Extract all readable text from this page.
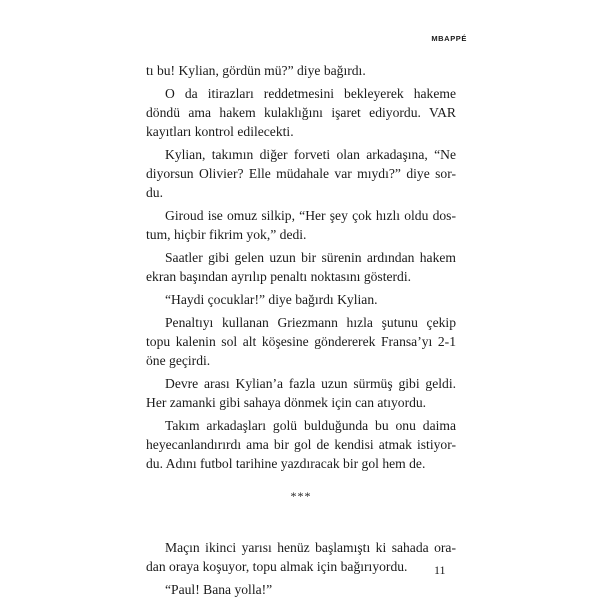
MBAPPÉ
tı bu! Kylian, gördün mü?” diye bağırdı.
O da itirazları reddetmesini bekleyerek hakeme
döndü ama hakem kulaklığını işaret ediyordu. VAR
kayıtları kontrol edilecekti.
Kylian, takımın diğer forveti olan arkadaşına, “Ne
diyorsun Olivier? Elle müdahale var mıydı?” diye sor-
du.
Giroud ise omuz silkip, “Her şey çok hızlı oldu dos-
tum, hiçbir fikrim yok,” dedi.
Saatler gibi gelen uzun bir sürenin ardından hakem
ekran başından ayrılıp penaltı noktasını gösterdi.
“Haydi çocuklar!” diye bağırdı Kylian.
Penaltıyı kullanan Griezmann hızla şutunu çekip
topu kalenin sol alt köşesine göndererek Fransa’yı 2-1
öne geçirdi.
Devre arası Kylian’a fazla uzun sürmüş gibi geldi.
Her zamanki gibi sahaya dönmek için can atıyordu.
Takım arkadaşları golü bulduğunda bu onu daima
heyecanlandırırdı ama bir gol de kendisi atmak istiyor-
du. Adını futbol tarihine yazdıracak bir gol hem de.
***
Maçın ikinci yarısı henüz başlamıştı ki sahada ora-
dan oraya koşuyor, topu almak için bağırıyordu.
“Paul! Bana yolla!”
11
